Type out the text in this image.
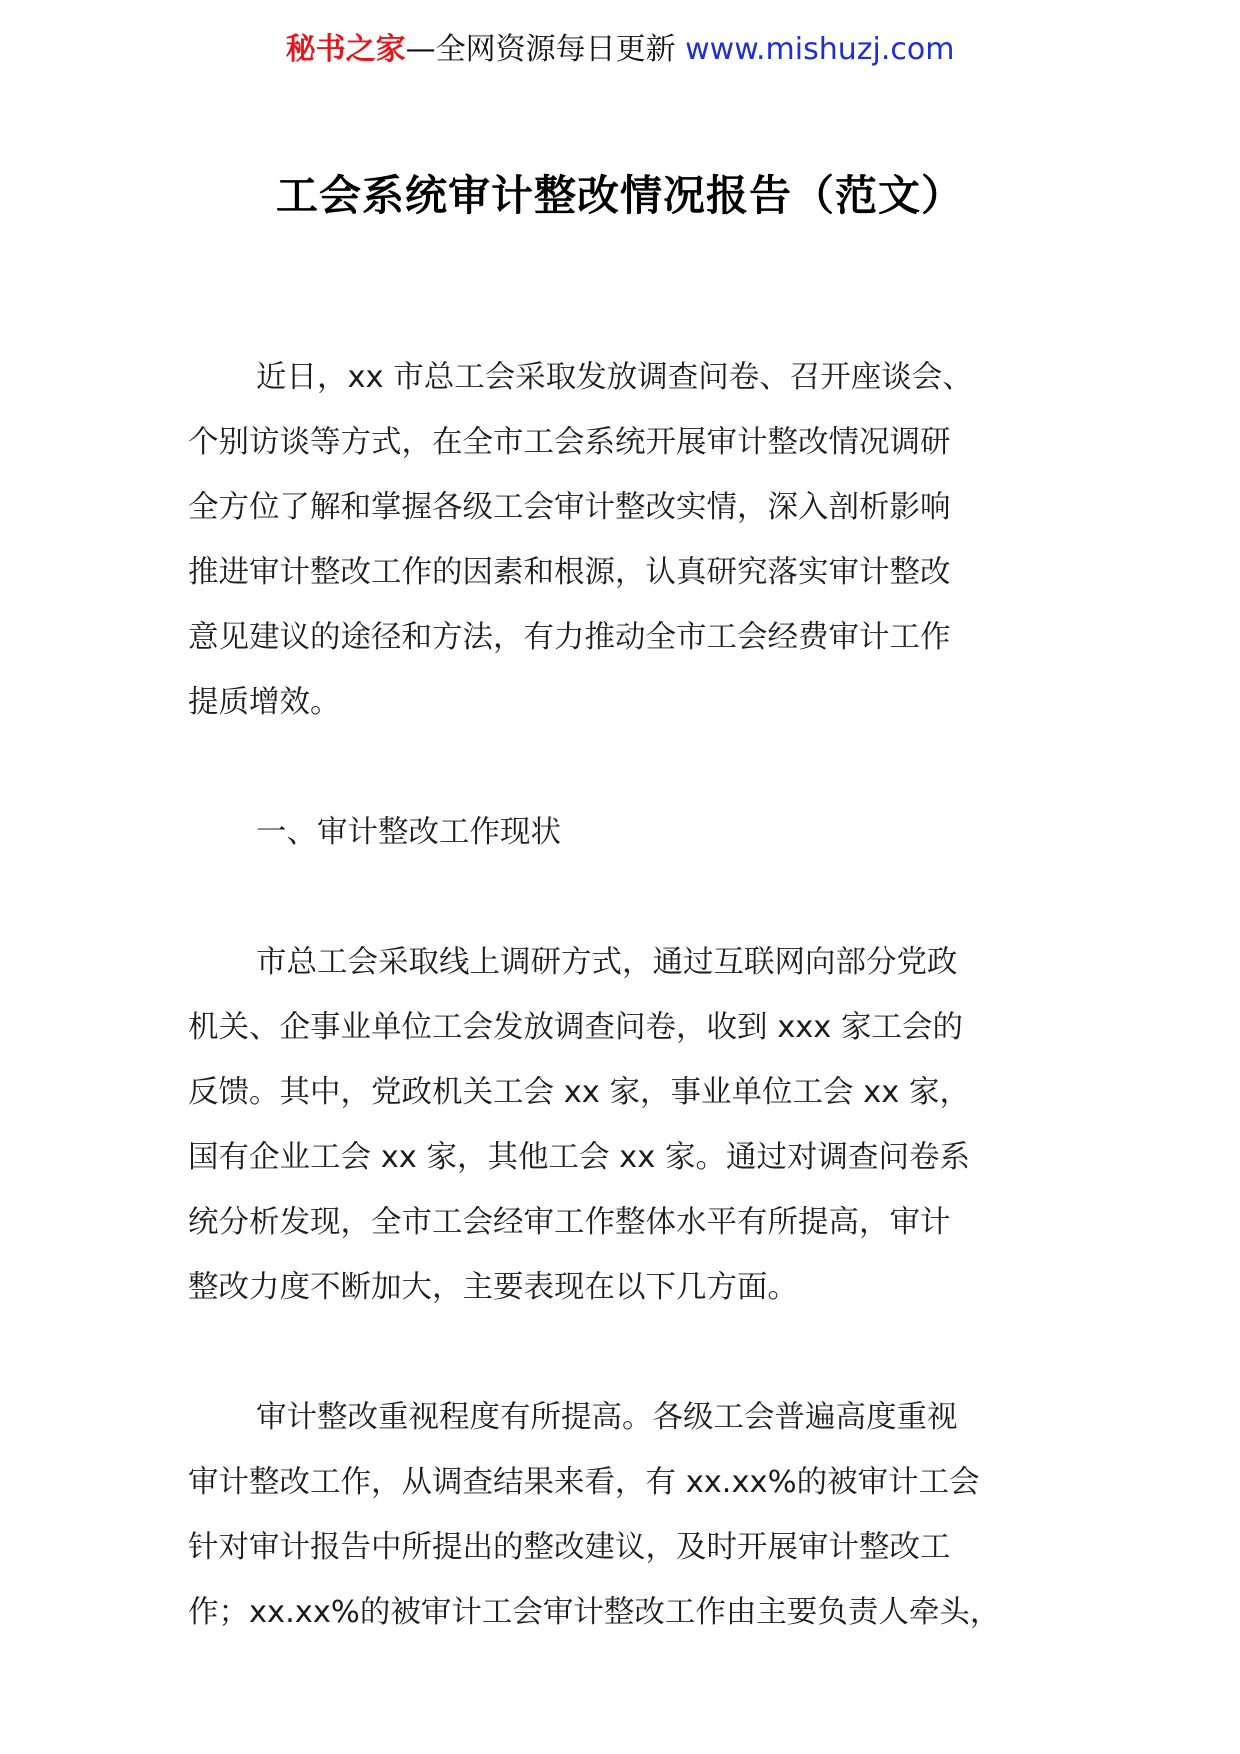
秘书之家—全网资源每日更新 www.mishuzj.com
工会系统审计整改情况报告（范文）
近日，xx 市总工会采取发放调查问卷、召开座谈会、
个别访谈等方式，在全市工会系统开展审计整改情况调研
全方位了解和掌握各级工会审计整改实情，深入剖析影响
推进审计整改工作的因素和根源，认真研究落实审计整改
意见建议的途径和方法，有力推动全市工会经费审计工作
提质增效。
一、审计整改工作现状
市总工会采取线上调研方式，通过互联网向部分党政
机关、企事业单位工会发放调查问卷，收到 xxx 家工会的
反馈。其中，党政机关工会 xx 家，事业单位工会 xx 家，
国有企业工会 xx 家，其他工会 xx 家。通过对调查问卷系
统分析发现，全市工会经审工作整体水平有所提高，审计
整改力度不断加大，主要表现在以下几方面。
审计整改重视程度有所提高。各级工会普遍高度重视
审计整改工作，从调查结果来看，有 xx.xx%的被审计工会
针对审计报告中所提出的整改建议，及时开展审计整改工
作；xx.xx%的被审计工会审计整改工作由主要负责人牵头，
